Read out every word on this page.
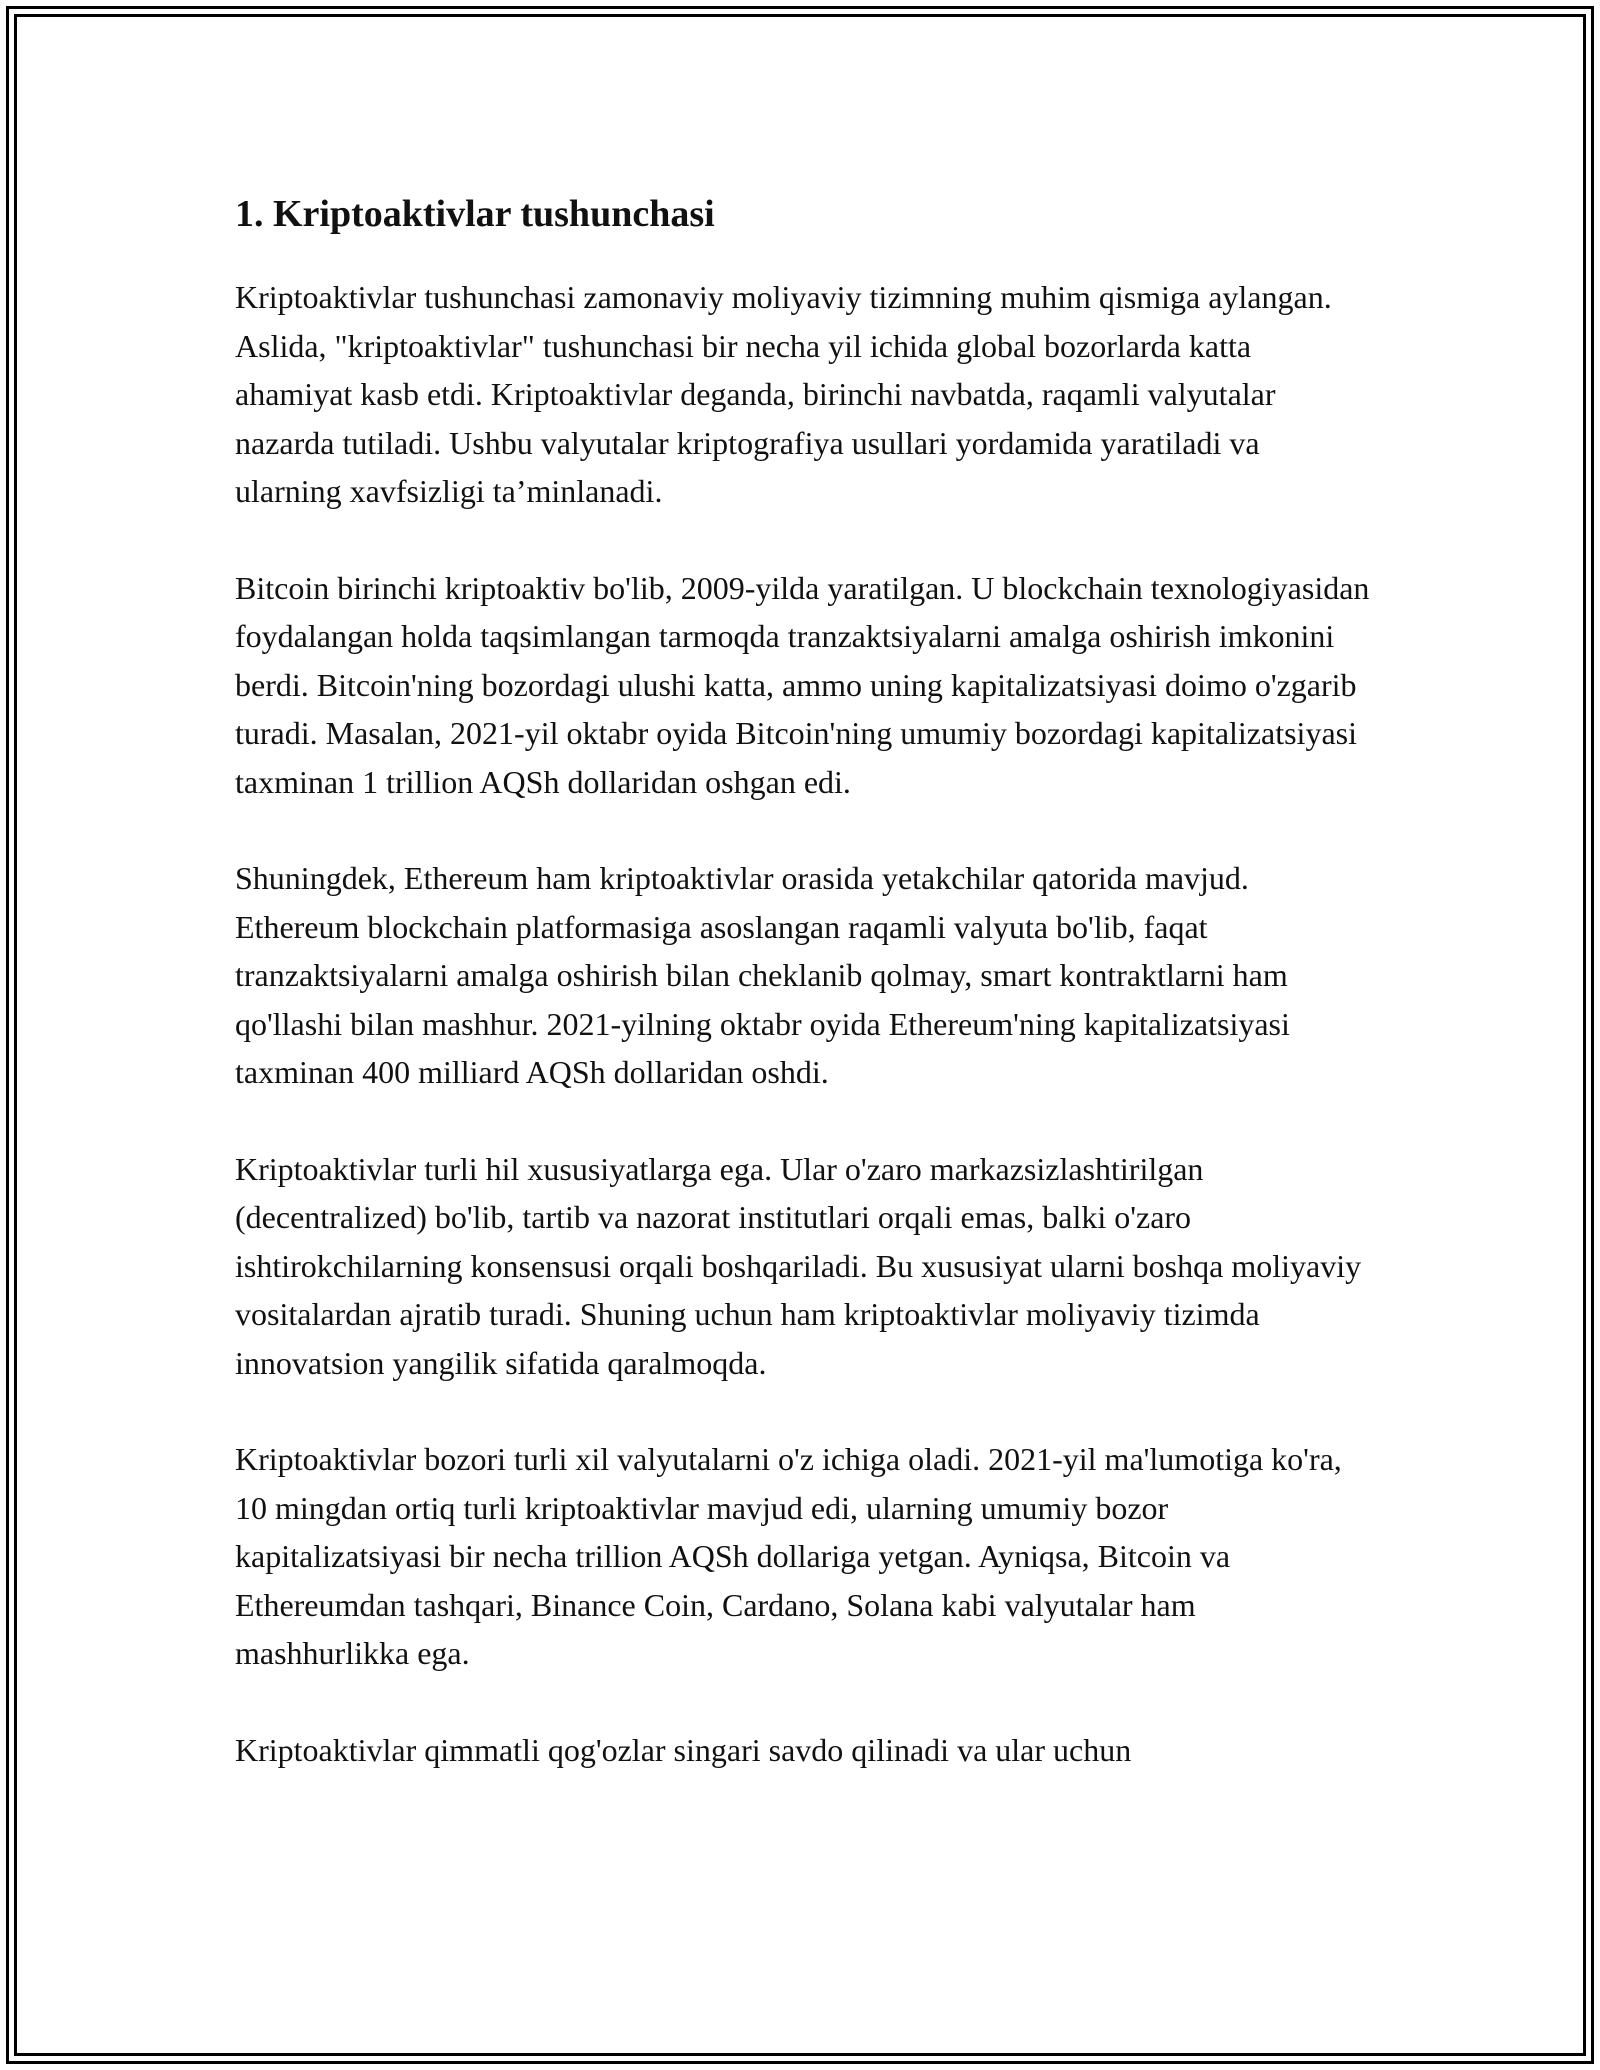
1. Kriptoaktivlar tushunchasi

Kriptoaktivlar tushunchasi zamonaviy moliyaviy tizimning muhim qismiga aylangan. Aslida, "kriptoaktivlar" tushunchasi bir necha yil ichida global bozorlarda katta ahamiyat kasb etdi. Kriptoaktivlar deganda, birinchi navbatda, raqamli valyutalar nazarda tutiladi. Ushbu valyutalar kriptografiya usullari yordamida yaratiladi va ularning xavfsizligi ta’minlanadi.

Bitcoin birinchi kriptoaktiv bo'lib, 2009-yilda yaratilgan. U blockchain texnologiyasidan foydalangan holda taqsimlangan tarmoqda tranzaktsiyalarni amalga oshirish imkonini berdi. Bitcoin'ning bozordagi ulushi katta, ammo uning kapitalizatsiyasi doimo o'zgarib turadi. Masalan, 2021-yil oktabr oyida Bitcoin'ning umumiy bozordagi kapitalizatsiyasi taxminan 1 trillion AQSh dollaridan oshgan edi.

Shuningdek, Ethereum ham kriptoaktivlar orasida yetakchilar qatorida mavjud. Ethereum blockchain platformasiga asoslangan raqamli valyuta bo'lib, faqat tranzaktsiyalarni amalga oshirish bilan cheklanib qolmay, smart kontraktlarni ham qo'llashi bilan mashhur. 2021-yilning oktabr oyida Ethereum'ning kapitalizatsiyasi taxminan 400 milliard AQSh dollaridan oshdi.

Kriptoaktivlar turli hil xususiyatlarga ega. Ular o'zaro markazsizlashtirilgan (decentralized) bo'lib, tartib va nazorat institutlari orqali emas, balki o'zaro ishtirokchilarning konsensusi orqali boshqariladi. Bu xususiyat ularni boshqa moliyaviy vositalardan ajratib turadi. Shuning uchun ham kriptoaktivlar moliyaviy tizimda innovatsion yangilik sifatida qaralmoqda.

Kriptoaktivlar bozori turli xil valyutalarni o'z ichiga oladi. 2021-yil ma'lumotiga ko'ra, 10 mingdan ortiq turli kriptoaktivlar mavjud edi, ularning umumiy bozor kapitalizatsiyasi bir necha trillion AQSh dollariga yetgan. Ayniqsa, Bitcoin va Ethereumdan tashqari, Binance Coin, Cardano, Solana kabi valyutalar ham mashhurlikka ega.

Kriptoaktivlar qimmatli qog'ozlar singari savdo qilinadi va ular uchun
